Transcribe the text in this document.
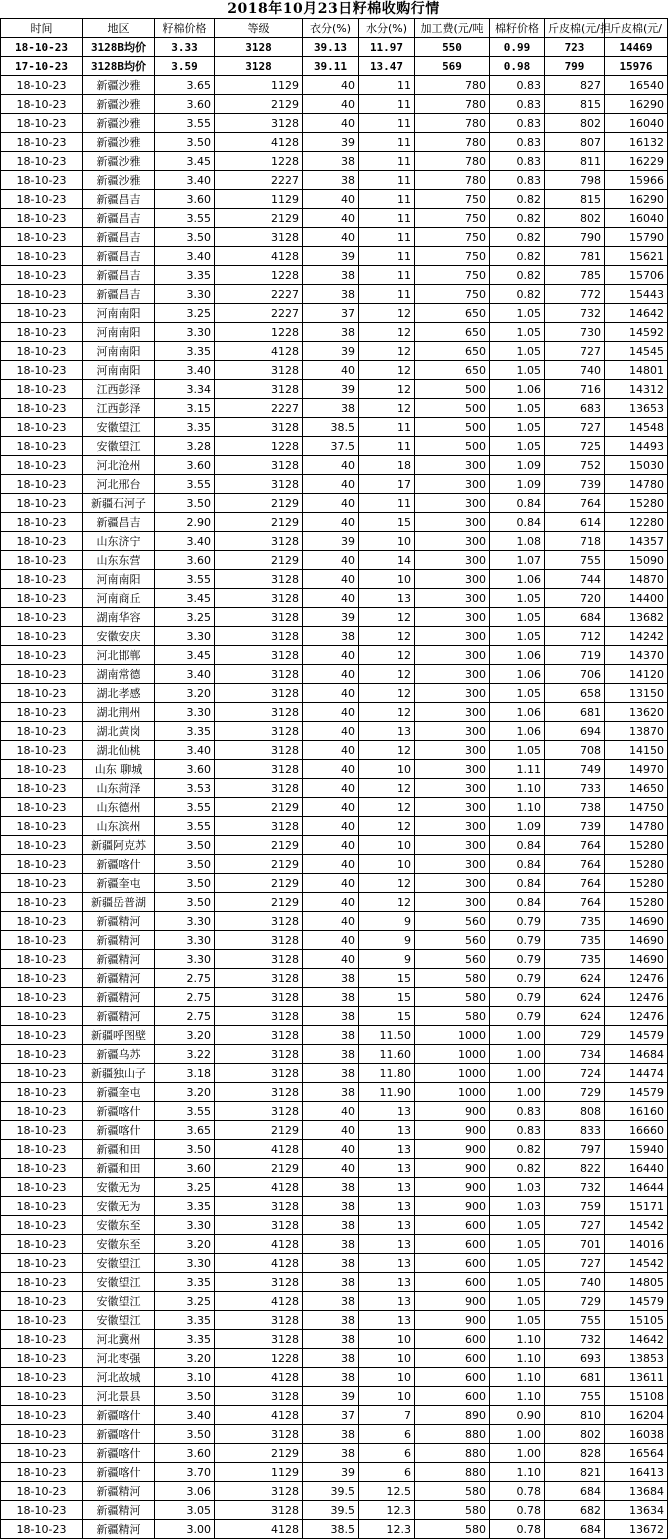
2018年10月23日籽棉收购行情
时间	地区	籽棉价格	等级	衣分(%)	水分(%)	加工费(元/吨	棉籽价格	斤皮棉(元/担	斤皮棉(元/
18-10-23	3128B均价	3.33	3128	39.13	11.97	550	0.99	723	14469
17-10-23	3128B均价	3.59	3128	39.11	13.47	569	0.98	799	15976
18-10-23	新疆沙雅	3.65	1129	40	11	780	0.83	827	16540
18-10-23	新疆沙雅	3.60	2129	40	11	780	0.83	815	16290
18-10-23	新疆沙雅	3.55	3128	40	11	780	0.83	802	16040
18-10-23	新疆沙雅	3.50	4128	39	11	780	0.83	807	16132
18-10-23	新疆沙雅	3.45	1228	38	11	780	0.83	811	16229
18-10-23	新疆沙雅	3.40	2227	38	11	780	0.83	798	15966
18-10-23	新疆昌吉	3.60	1129	40	11	750	0.82	815	16290
18-10-23	新疆昌吉	3.55	2129	40	11	750	0.82	802	16040
18-10-23	新疆昌吉	3.50	3128	40	11	750	0.82	790	15790
18-10-23	新疆昌吉	3.40	4128	39	11	750	0.82	781	15621
18-10-23	新疆昌吉	3.35	1228	38	11	750	0.82	785	15706
18-10-23	新疆昌吉	3.30	2227	38	11	750	0.82	772	15443
18-10-23	河南南阳	3.25	2227	37	12	650	1.05	732	14642
18-10-23	河南南阳	3.30	1228	38	12	650	1.05	730	14592
18-10-23	河南南阳	3.35	4128	39	12	650	1.05	727	14545
18-10-23	河南南阳	3.40	3128	40	12	650	1.05	740	14801
18-10-23	江西彭泽	3.34	3128	39	12	500	1.06	716	14312
18-10-23	江西彭泽	3.15	2227	38	12	500	1.05	683	13653
18-10-23	安徽望江	3.35	3128	38.5	11	500	1.05	727	14548
18-10-23	安徽望江	3.28	1228	37.5	11	500	1.05	725	14493
18-10-23	河北沧州	3.60	3128	40	18	300	1.09	752	15030
18-10-23	河北邢台	3.55	3128	40	17	300	1.09	739	14780
18-10-23	新疆石河子	3.50	2129	40	11	300	0.84	764	15280
18-10-23	新疆昌吉	2.90	2129	40	15	300	0.84	614	12280
18-10-23	山东济宁	3.40	3128	39	10	300	1.08	718	14357
18-10-23	山东东营	3.60	2129	40	14	300	1.07	755	15090
18-10-23	河南南阳	3.55	3128	40	10	300	1.06	744	14870
18-10-23	河南商丘	3.45	3128	40	13	300	1.05	720	14400
18-10-23	湖南华容	3.25	3128	39	12	300	1.05	684	13682
18-10-23	安徽安庆	3.30	3128	38	12	300	1.05	712	14242
18-10-23	河北邯郸	3.45	3128	40	12	300	1.06	719	14370
18-10-23	湖南常德	3.40	3128	40	12	300	1.06	706	14120
18-10-23	湖北孝感	3.20	3128	40	12	300	1.05	658	13150
18-10-23	湖北荆州	3.30	3128	40	12	300	1.06	681	13620
18-10-23	湖北黄岗	3.35	3128	40	13	300	1.06	694	13870
18-10-23	湖北仙桃	3.40	3128	40	12	300	1.05	708	14150
18-10-23	山东 聊城	3.60	3128	40	10	300	1.11	749	14970
18-10-23	山东菏泽	3.53	3128	40	12	300	1.10	733	14650
18-10-23	山东德州	3.55	2129	40	12	300	1.10	738	14750
18-10-23	山东滨州	3.55	3128	40	12	300	1.09	739	14780
18-10-23	新疆阿克苏	3.50	2129	40	10	300	0.84	764	15280
18-10-23	新疆喀什	3.50	2129	40	10	300	0.84	764	15280
18-10-23	新疆奎屯	3.50	2129	40	12	300	0.84	764	15280
18-10-23	新疆岳普湖	3.50	2129	40	12	300	0.84	764	15280
18-10-23	新疆精河	3.30	3128	40	9	560	0.79	735	14690
18-10-23	新疆精河	3.30	3128	40	9	560	0.79	735	14690
18-10-23	新疆精河	3.30	3128	40	9	560	0.79	735	14690
18-10-23	新疆精河	2.75	3128	38	15	580	0.79	624	12476
18-10-23	新疆精河	2.75	3128	38	15	580	0.79	624	12476
18-10-23	新疆精河	2.75	3128	38	15	580	0.79	624	12476
18-10-23	新疆呼图壁	3.20	3128	38	11.50	1000	1.00	729	14579
18-10-23	新疆乌苏	3.22	3128	38	11.60	1000	1.00	734	14684
18-10-23	新疆独山子	3.18	3128	38	11.80	1000	1.00	724	14474
18-10-23	新疆奎屯	3.20	3128	38	11.90	1000	1.00	729	14579
18-10-23	新疆喀什	3.55	3128	40	13	900	0.83	808	16160
18-10-23	新疆喀什	3.65	2129	40	13	900	0.83	833	16660
18-10-23	新疆和田	3.50	4128	40	13	900	0.82	797	15940
18-10-23	新疆和田	3.60	2129	40	13	900	0.82	822	16440
18-10-23	安徽无为	3.25	4128	38	13	900	1.03	732	14644
18-10-23	安徽无为	3.35	3128	38	13	900	1.03	759	15171
18-10-23	安徽东至	3.30	3128	38	13	600	1.05	727	14542
18-10-23	安徽东至	3.20	4128	38	13	600	1.05	701	14016
18-10-23	安徽望江	3.30	4128	38	13	600	1.05	727	14542
18-10-23	安徽望江	3.35	3128	38	13	600	1.05	740	14805
18-10-23	安徽望江	3.25	4128	38	13	900	1.05	729	14579
18-10-23	安徽望江	3.35	3128	38	13	900	1.05	755	15105
18-10-23	河北冀州	3.35	3128	38	10	600	1.10	732	14642
18-10-23	河北枣强	3.20	1228	38	10	600	1.10	693	13853
18-10-23	河北故城	3.10	4128	38	10	600	1.10	681	13611
18-10-23	河北景县	3.50	3128	39	10	600	1.10	755	15108
18-10-23	新疆喀什	3.40	4128	37	7	890	0.90	810	16204
18-10-23	新疆喀什	3.50	3128	38	6	880	1.00	802	16038
18-10-23	新疆喀什	3.60	2129	38	6	880	1.00	828	16564
18-10-23	新疆喀什	3.70	1129	39	6	880	1.10	821	16413
18-10-23	新疆精河	3.06	3128	39.5	12.5	580	0.78	684	13684
18-10-23	新疆精河	3.05	3128	39.5	12.3	580	0.78	682	13634
18-10-23	新疆精河	3.00	4128	38.5	12.3	580	0.78	684	13672
